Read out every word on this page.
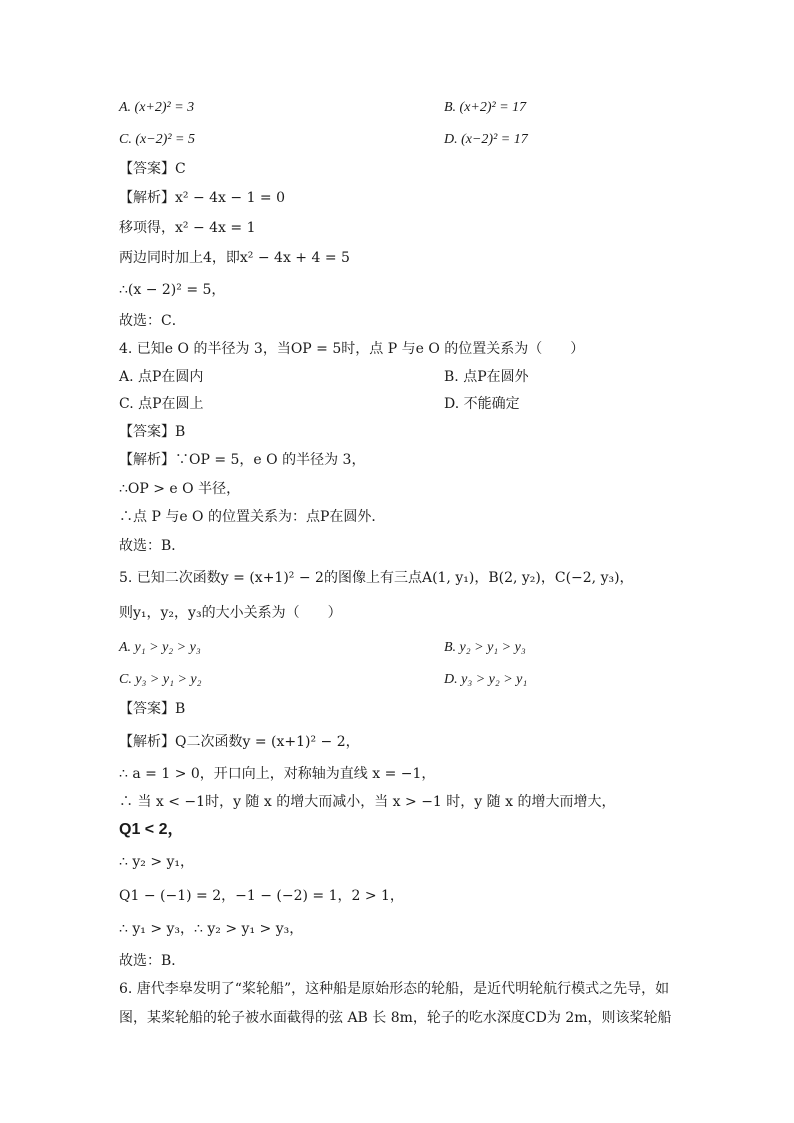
A. (x+2)² = 3	B. (x+2)² = 17
C. (x−2)² = 5	D. (x−2)² = 17
【答案】C
【解析】x² − 4x − 1 = 0
移项得，x² − 4x = 1
两边同时加上4，即x² − 4x + 4 = 5
∴(x − 2)² = 5，
故选：C．
4. 已知e O 的半径为 3，当OP = 5时，点 P 与e O 的位置关系为（　　）
A. 点P在圆内	B. 点P在圆外
C. 点P在圆上	D. 不能确定
【答案】B
【解析】∵OP = 5，e O 的半径为 3，
∴OP > e O 半径，
∴点 P 与e O 的位置关系为：点P在圆外．
故选：B．
5. 已知二次函数y = (x+1)² − 2的图像上有三点A(1, y₁)，B(2, y₂)，C(−2, y₃)，
则y₁，y₂，y₃的大小关系为（　　）
A. y₁ > y₂ > y₃	B. y₂ > y₁ > y₃
C. y₃ > y₁ > y₂	D. y₃ > y₂ > y₁
【答案】B
【解析】Q二次函数y = (x+1)² − 2，
∴ a = 1 > 0，开口向上，对称轴为直线 x = −1，
∴ 当 x < −1时，y 随 x 的增大而减小，当 x > −1 时，y 随 x 的增大而增大，
Q1 < 2，
∴ y₂ > y₁，
Q1 − (−1) = 2，−1 − (−2) = 1，2 > 1，
∴ y₁ > y₃，∴ y₂ > y₁ > y₃，
故选：B．
6. 唐代李皋发明了“桨轮船”，这种船是原始形态的轮船，是近代明轮航行模式之先导，如
图，某桨轮船的轮子被水面截得的弦 AB 长 8m，轮子的吃水深度CD为 2m，则该桨轮船
